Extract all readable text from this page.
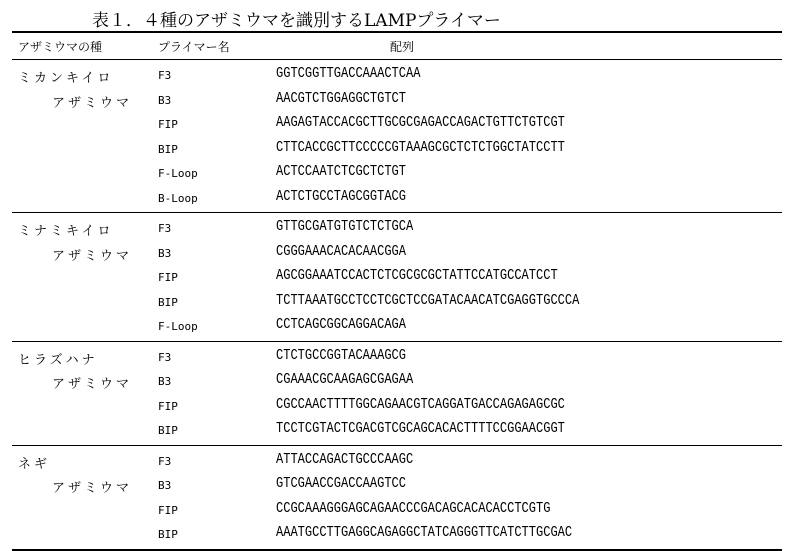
表１．４種のアザミウマを識別するLAMPプライマー
アザミウマの種	プライマー名	配列
ミカンキイロ	F3	GGTCGGTTGACCAAACTCAA
アザミウマ B3	AACGTCTGGAGGCTGTCT
FIP	AAGAGTACCACGCTTGCGCGAGACCAGACTGTTCTGTCGT
BIP	CTTCACCGCTTCCCCCGTAAAGCGCTCTCTGGCTATCCTT
F-Loop	ACTCCAATCTCGCTCTGT
B-Loop	ACTCTGCCTAGCGGTACG
ミナミキイロ	F3	GTTGCGATGTGTCTCTGCA
アザミウマ B3	CGGGAAACACACAACGGA
FIP	AGCGGAAATCCACTCTCGCGCGCTATTCCATGCCATCCT
BIP	TCTTAAATGCCTCCTCGCTCCGATACAACATCGAGGTGCCCA
F-Loop	CCTCAGCGGCAGGACAGA
ヒラズハナ	F3	CTCTGCCGGTACAAAGCG
アザミウマ B3	CGAAACGCAAGAGCGAGAA
FIP	CGCCAACTTTTGGCAGAACGTCAGGATGACCAGAGAGCGC
BIP	TCCTCGTACTCGACGTCGCAGCACACTTTTCCGGAACGGT
ネギ	F3	ATTACCAGACTGCCCAAGC
アザミウマ B3	GTCGAACCGACCAAGTCC
FIP	CCGCAAAGGGAGCAGAACCCGACAGCACACACCTCGTG
BIP	AAATGCCTTGAGGCAGAGGCTATCAGGGTTCATCTTGCGAC
